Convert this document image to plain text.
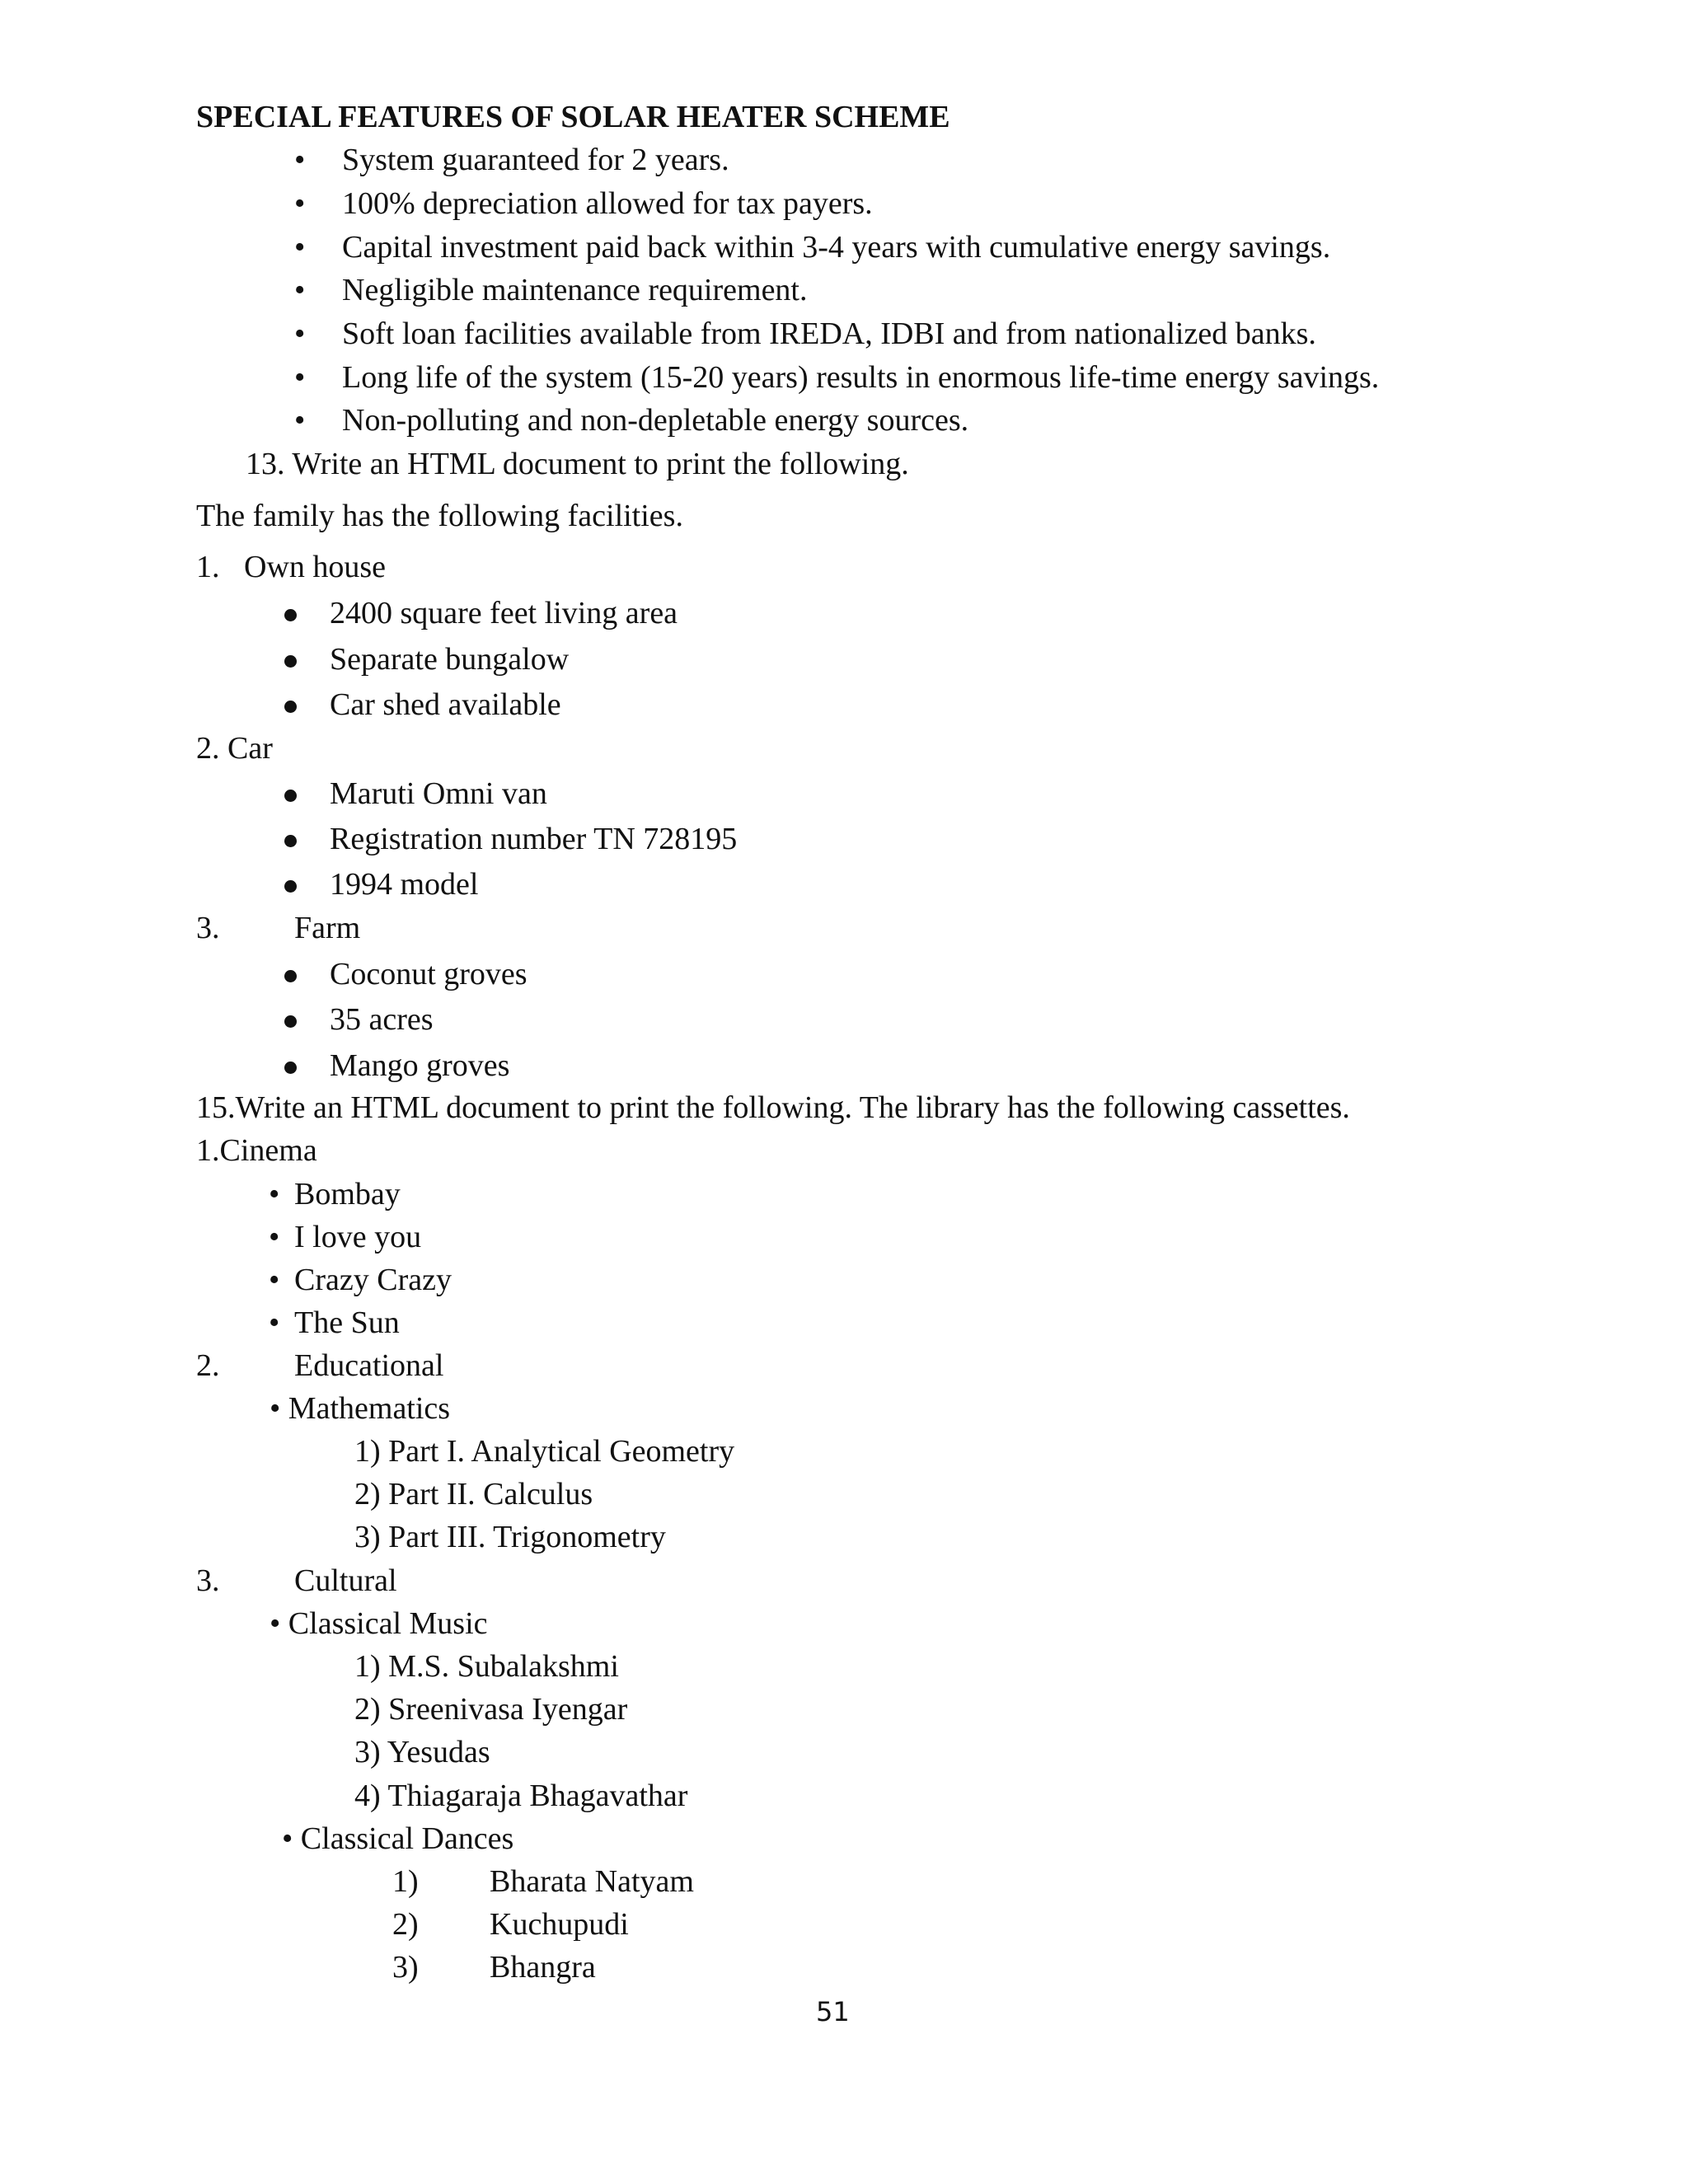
SPECIAL FEATURES OF SOLAR HEATER SCHEME
• System guaranteed for 2 years.
• 100% depreciation allowed for tax payers.
• Capital investment paid back within 3-4 years with cumulative energy savings.
• Negligible maintenance requirement.
• Soft loan facilities available from IREDA, IDBI and from nationalized banks.
• Long life of the system (15-20 years) results in enormous life-time energy savings.
• Non-polluting and non-depletable energy sources.
13. Write an HTML document to print the following.
The family has the following facilities.
1. Own house
2400 square feet living area
Separate bungalow
Car shed available
2. Car
Maruti Omni van
Registration number TN 728195
1994 model
3. Farm
Coconut groves
35 acres
Mango groves
15.Write an HTML document to print the following. The library has the following cassettes.
1.Cinema
• Bombay
• I love you
• Crazy Crazy
• The Sun
2. Educational
• Mathematics
1) Part I. Analytical Geometry
2) Part II. Calculus
3) Part III. Trigonometry
3. Cultural
• Classical Music
1) M.S. Subalakshmi
2) Sreenivasa Iyengar
3) Yesudas
4) Thiagaraja Bhagavathar
• Classical Dances
1) Bharata Natyam
2) Kuchupudi
3) Bhangra
51
